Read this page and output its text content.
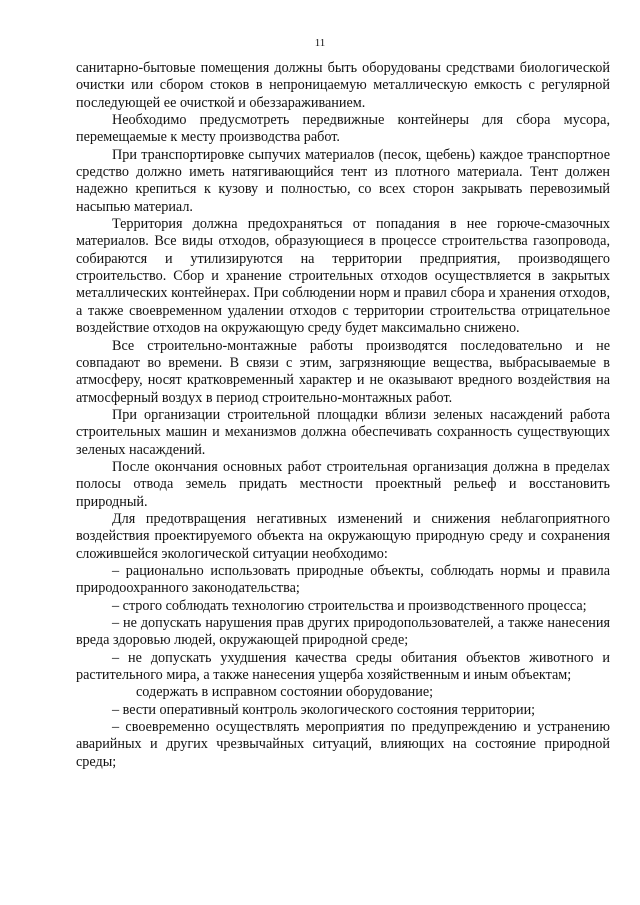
11

санитарно-бытовые помещения должны быть оборудованы средствами биологической очистки или сбором стоков в непроницаемую металлическую емкость с регулярной последующей ее очисткой и обеззараживанием.

Необходимо предусмотреть передвижные контейнеры для сбора мусора, перемещаемые к месту производства работ.

При транспортировке сыпучих материалов (песок, щебень) каждое транспортное средство должно иметь натягивающийся тент из плотного материала. Тент должен надежно крепиться к кузову и полностью, со всех сторон закрывать перевозимый насыпью материал.

Территория должна предохраняться от попадания в нее горюче-смазочных материалов. Все виды отходов, образующиеся в процессе строительства газопровода, собираются и утилизируются на территории предприятия, производящего строительство. Сбор и хранение строительных отходов осуществляется в закрытых металлических контейнерах. При соблюдении норм и правил сбора и хранения отходов, а также своевременном удалении отходов с территории строительства отрицательное воздействие отходов на окружающую среду будет максимально снижено.

Все строительно-монтажные работы производятся последовательно и не совпадают во времени. В связи с этим, загрязняющие вещества, выбрасываемые в атмосферу, носят кратковременный характер и не оказывают вредного воздействия на атмосферный воздух в период строительно-монтажных работ.

При организации строительной площадки вблизи зеленых насаждений работа строительных машин и механизмов должна обеспечивать сохранность существующих зеленых насаждений.

После окончания основных работ строительная организация должна в пределах полосы отвода земель придать местности проектный рельеф и восстановить природный.

Для предотвращения негативных изменений и снижения неблагоприятного воздействия проектируемого объекта на окружающую природную среду и сохранения сложившейся экологической ситуации необходимо:

– рационально использовать природные объекты, соблюдать нормы и правила природоохранного законодательства;

– строго соблюдать технологию строительства и производственного процесса;

– не допускать нарушения прав других природопользователей, а также нанесения вреда здоровью людей, окружающей природной среде;

– не допускать ухудшения качества среды обитания объектов животного и растительного мира, а также нанесения ущерба хозяйственным и иным объектам;

содержать в исправном состоянии оборудование;

– вести оперативный контроль экологического состояния территории;

– своевременно осуществлять мероприятия по предупреждению и устранению аварийных и других чрезвычайных ситуаций, влияющих на состояние природной среды;
